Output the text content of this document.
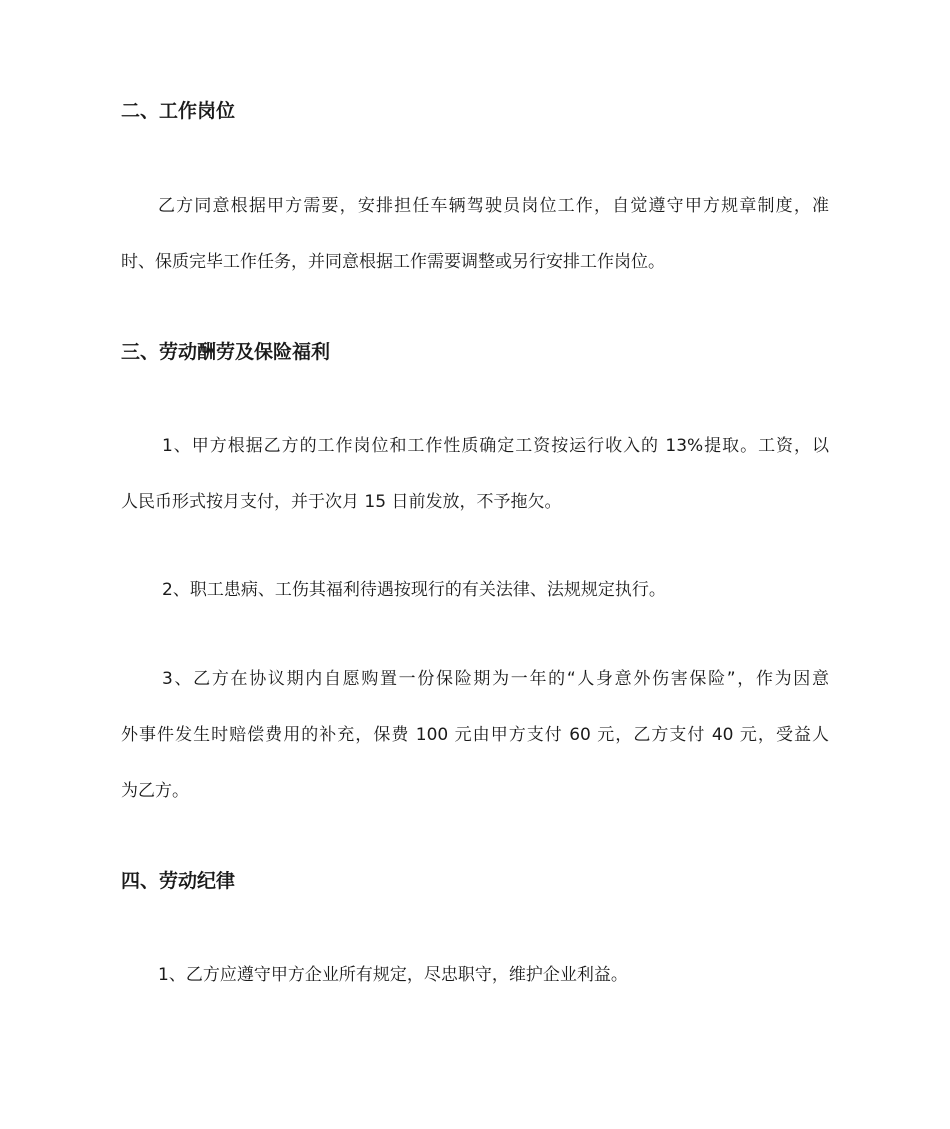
二、工作岗位

乙方同意根据甲方需要，安排担任车辆驾驶员岗位工作，自觉遵守甲方规章制度，准

时、保质完毕工作任务，并同意根据工作需要调整或另行安排工作岗位。

三、劳动酬劳及保险福利

1、甲方根据乙方的工作岗位和工作性质确定工资按运行收入的 13%提取。工资，以

人民币形式按月支付，并于次月 15 日前发放，不予拖欠。

2、职工患病、工伤其福利待遇按现行的有关法律、法规规定执行。

3、乙方在协议期内自愿购置一份保险期为一年的“人身意外伤害保险”，作为因意

外事件发生时赔偿费用的补充，保费 100 元由甲方支付 60 元，乙方支付 40 元，受益人

为乙方。

四、劳动纪律

1、乙方应遵守甲方企业所有规定，尽忠职守，维护企业利益。
